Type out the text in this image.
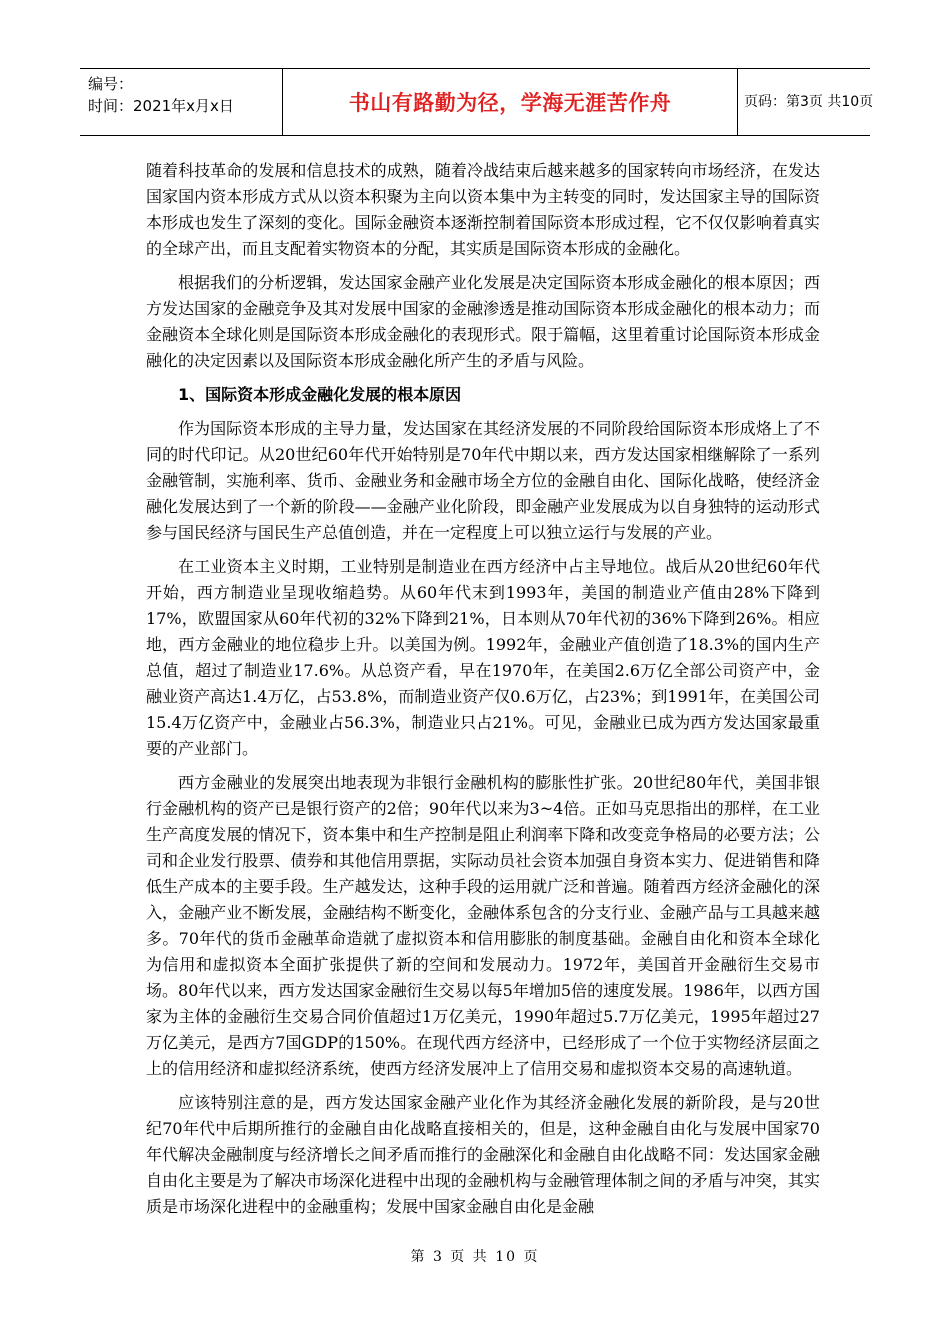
编号：
时间：2021年x月x日	书山有路勤为径，学海无涯苦作舟	页码：第3页 共10页

随着科技革命的发展和信息技术的成熟，随着冷战结束后越来越多的国家转向市场经济，在发达国家国内资本形成方式从以资本积聚为主向以资本集中为主转变的同时，发达国家主导的国际资本形成也发生了深刻的变化。国际金融资本逐渐控制着国际资本形成过程，它不仅仅影响着真实的全球产出，而且支配着实物资本的分配，其实质是国际资本形成的金融化。

根据我们的分析逻辑，发达国家金融产业化发展是决定国际资本形成金融化的根本原因；西方发达国家的金融竞争及其对发展中国家的金融渗透是推动国际资本形成金融化的根本动力；而金融资本全球化则是国际资本形成金融化的表现形式。限于篇幅，这里着重讨论国际资本形成金融化的决定因素以及国际资本形成金融化所产生的矛盾与风险。

1、国际资本形成金融化发展的根本原因

作为国际资本形成的主导力量，发达国家在其经济发展的不同阶段给国际资本形成烙上了不同的时代印记。从20世纪60年代开始特别是70年代中期以来，西方发达国家相继解除了一系列金融管制，实施利率、货币、金融业务和金融市场全方位的金融自由化、国际化战略，使经济金融化发展达到了一个新的阶段——金融产业化阶段，即金融产业发展成为以自身独特的运动形式参与国民经济与国民生产总值创造，并在一定程度上可以独立运行与发展的产业。

在工业资本主义时期，工业特别是制造业在西方经济中占主导地位。战后从20世纪60年代开始，西方制造业呈现收缩趋势。从60年代末到1993年，美国的制造业产值由28%下降到17%，欧盟国家从60年代初的32%下降到21%，日本则从70年代初的36%下降到26%。相应地，西方金融业的地位稳步上升。以美国为例。1992年，金融业产值创造了18.3%的国内生产总值，超过了制造业17.6%。从总资产看，早在1970年，在美国2.6万亿全部公司资产中，金融业资产高达1.4万亿，占53.8%，而制造业资产仅0.6万亿，占23%；到1991年，在美国公司15.4万亿资产中，金融业占56.3%，制造业只占21%。可见，金融业已成为西方发达国家最重要的产业部门。

西方金融业的发展突出地表现为非银行金融机构的膨胀性扩张。20世纪80年代，美国非银行金融机构的资产已是银行资产的2倍；90年代以来为3~4倍。正如马克思指出的那样，在工业生产高度发展的情况下，资本集中和生产控制是阻止利润率下降和改变竞争格局的必要方法；公司和企业发行股票、债券和其他信用票据，实际动员社会资本加强自身资本实力、促进销售和降低生产成本的主要手段。生产越发达，这种手段的运用就广泛和普遍。随着西方经济金融化的深入，金融产业不断发展，金融结构不断变化，金融体系包含的分支行业、金融产品与工具越来越多。70年代的货币金融革命造就了虚拟资本和信用膨胀的制度基础。金融自由化和资本全球化为信用和虚拟资本全面扩张提供了新的空间和发展动力。1972年，美国首开金融衍生交易市场。80年代以来，西方发达国家金融衍生交易以每5年增加5倍的速度发展。1986年，以西方国家为主体的金融衍生交易合同价值超过1万亿美元，1990年超过5.7万亿美元，1995年超过27万亿美元，是西方7国GDP的150%。在现代西方经济中，已经形成了一个位于实物经济层面之上的信用经济和虚拟经济系统，使西方经济发展冲上了信用交易和虚拟资本交易的高速轨道。

应该特别注意的是，西方发达国家金融产业化作为其经济金融化发展的新阶段，是与20世纪70年代中后期所推行的金融自由化战略直接相关的，但是，这种金融自由化与发展中国家70年代解决金融制度与经济增长之间矛盾而推行的金融深化和金融自由化战略不同：发达国家金融自由化主要是为了解决市场深化进程中出现的金融机构与金融管理体制之间的矛盾与冲突，其实质是市场深化进程中的金融重构；发展中国家金融自由化是金融

第 3 页 共 10 页
